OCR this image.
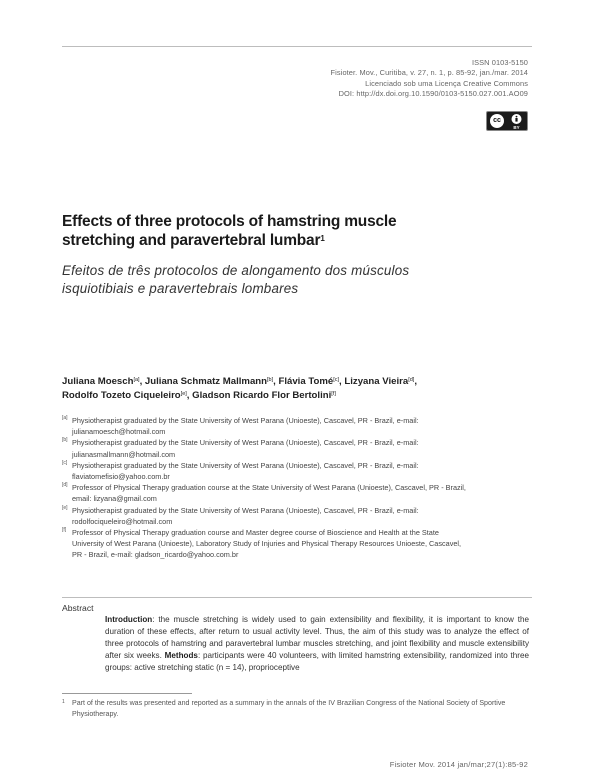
ISSN 0103-5150
Fisioter. Mov., Curitiba, v. 27, n. 1, p. 85-92, jan./mar. 2014
Licenciado sob uma Licença Creative Commons
DOI: http://dx.doi.org.10.1590/0103-5150.027.001.AO09
cc
BY
Effects of three protocols of hamstring muscle
stretching and paravertebral lumbar$^1$
Efeitos de três protocolos de alongamento dos músculos
isquiotibiais e paravertebrais lombares
Juliana Moesch[a], Juliana Schmatz Mallmann[b], Flávia Tomé[c], Lizyana Vieira[d],
Rodolfo Tozeto Ciqueleiro[e], Gladson Ricardo Flor Bertolini[f]
[a] Physiotherapist graduated by the State University of West Parana (Unioeste), Cascavel, PR - Brazil, e-mail:
julianamoesch@hotmail.com
[b] Physiotherapist graduated by the State University of West Parana (Unioeste), Cascavel, PR - Brazil, e-mail:
julianasmallmann@hotmail.com
[c] Physiotherapist graduated by the State University of West Parana (Unioeste), Cascavel, PR - Brazil, e-mail:
flaviatomefisio@yahoo.com.br
[d] Professor of Physical Therapy graduation course at the State University of West Parana (Unioeste), Cascavel, PR - Brazil,
email: lizyana@gmail.com
[e] Physiotherapist graduated by the State University of West Parana (Unioeste), Cascavel, PR - Brazil, e-mail:
rodolfociqueleiro@hotmail.com
[f] Professor of Physical Therapy graduation course and Master degree course of Bioscience and Health at the State
University of West Parana (Unioeste), Laboratory Study of Injuries and Physical Therapy Resources Unioeste, Cascavel,
PR - Brazil, e-mail: gladson_ricardo@yahoo.com.br
Abstract
Introduction: the muscle stretching is widely used to gain extensibility and flexibility, it is important to know the duration of these effects, after return to usual activity level. Thus, the aim of this study was to analyze the effect of three protocols of hamstring and paravertebral lumbar muscles stretching, and joint flexibility and muscle extensibility after six weeks. Methods: participants were 40 volunteers, with limited hamstring extensibility, randomized into three groups: active stretching static (n = 14), proprioceptive
1 Part of the results was presented and reported as a summary in the annals of the IV Brazilian Congress of the National Society of Sportive Physiotherapy.
Fisioter Mov. 2014 jan/mar;27(1):85-92
